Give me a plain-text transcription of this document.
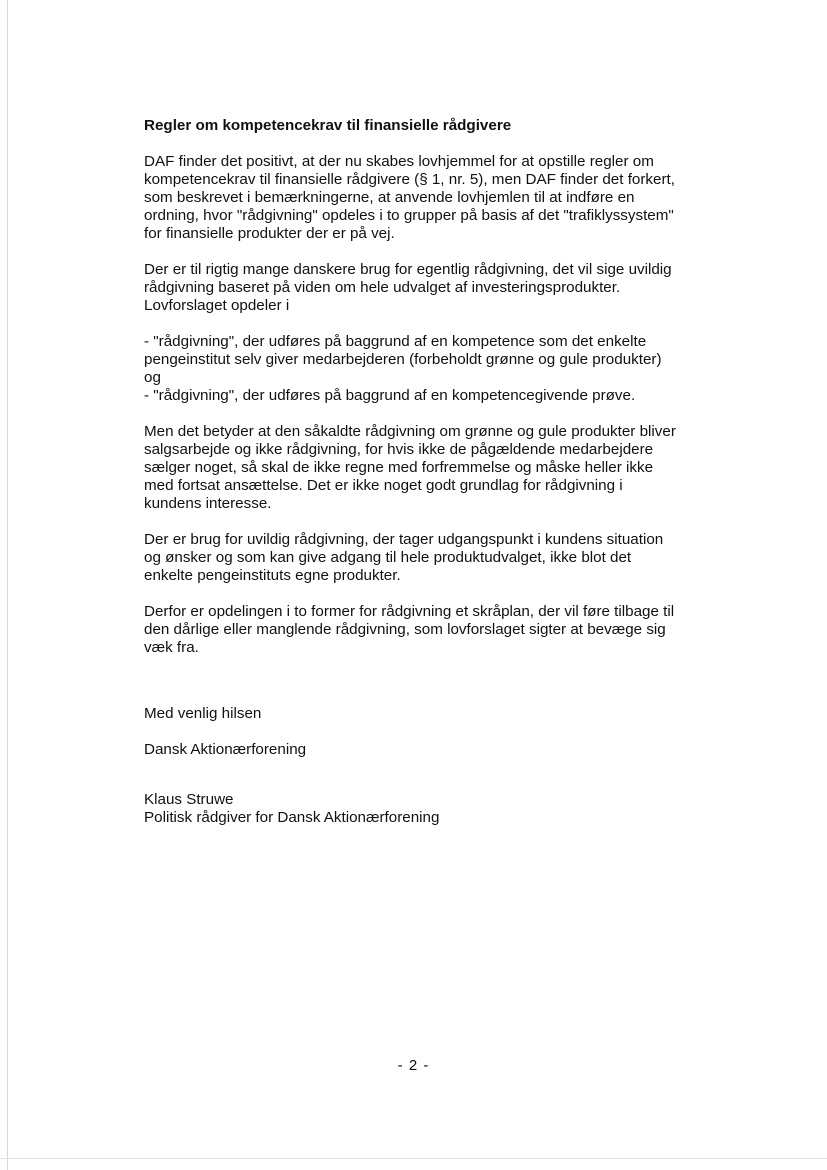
Regler om kompetencekrav til finansielle rådgivere
DAF finder det positivt, at der nu skabes lovhjemmel for at opstille regler om
kompetencekrav til finansielle rådgivere (§ 1, nr. 5), men DAF finder det forkert,
som beskrevet i bemærkningerne, at anvende lovhjemlen til at indføre en
ordning, hvor "rådgivning" opdeles i to grupper på basis af det "trafiklyssystem"
for finansielle produkter der er på vej.
Der er til rigtig mange danskere brug for egentlig rådgivning, det vil sige uvildig
rådgivning baseret på viden om hele udvalget af investeringsprodukter.
Lovforslaget opdeler i
- "rådgivning", der udføres på baggrund af en kompetence som det enkelte
pengeinstitut selv giver medarbejderen (forbeholdt grønne og gule produkter)
og
- "rådgivning", der udføres på baggrund af en kompetencegivende prøve.
Men det betyder at den såkaldte rådgivning om grønne og gule produkter bliver
salgsarbejde og ikke rådgivning, for hvis ikke de pågældende medarbejdere
sælger noget, så skal de ikke regne med forfremmelse og måske heller ikke
med fortsat ansættelse. Det er ikke noget godt grundlag for rådgivning i
kundens interesse.
Der er brug for uvildig rådgivning, der tager udgangspunkt i kundens situation
og ønsker og som kan give adgang til hele produktudvalget, ikke blot det
enkelte pengeinstituts egne produkter.
Derfor er opdelingen i to former for rådgivning et skråplan, der vil føre tilbage til
den dårlige eller manglende rådgivning, som lovforslaget sigter at bevæge sig
væk fra.
Med venlig hilsen
Dansk Aktionærforening
Klaus Struwe
Politisk rådgiver for Dansk Aktionærforening
- 2 -
